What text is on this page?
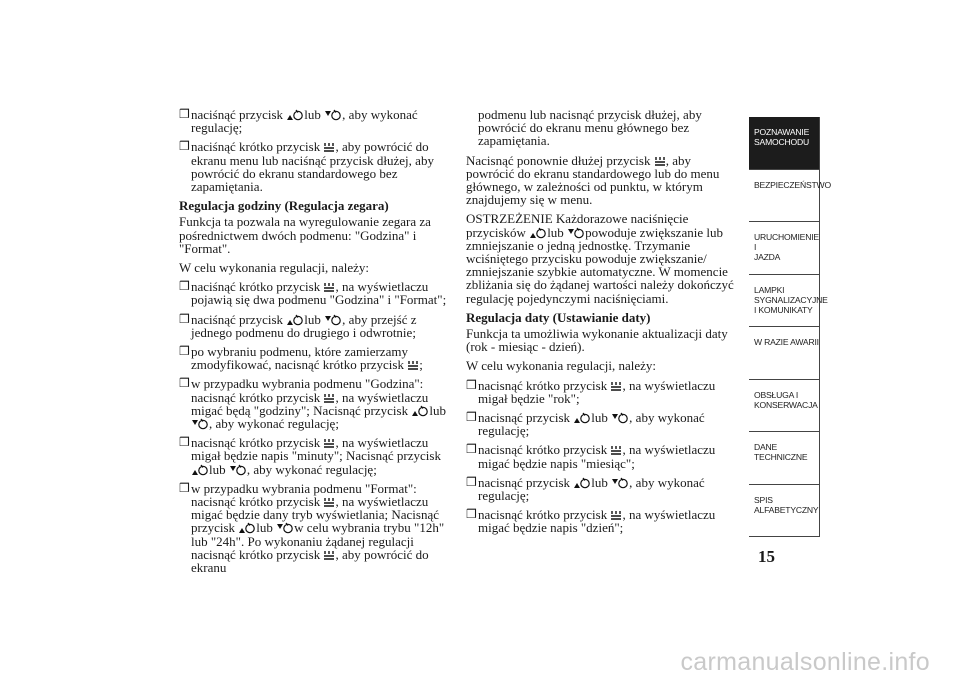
❒ naciśnąć przycisk lub , aby wykonać regulację;
❒ naciśnąć krótko przycisk , aby powrócić do ekranu menu lub naciśnąć przycisk dłużej, aby powrócić do ekranu standardowego bez zapamiętania.
Regulacja godziny (Regulacja zegara)

Funkcja ta pozwala na wyregulowanie zegara za pośrednictwem dwóch podmenu: "Godzina" i "Format".

W celu wykonania regulacji, należy:

❒ naciśnąć krótko przycisk , na wyświetlaczu pojawią się dwa podmenu "Godzina" i "Format";
❒ naciśnąć przycisk lub , aby przejść z jednego podmenu do drugiego i odwrotnie;
❒ po wybraniu podmenu, które zamierzamy zmodyfikować, nacisnąć krótko przycisk ;
❒ w przypadku wybrania podmenu "Godzina": nacisnąć krótko przycisk , na wyświetlaczu migać będą "godziny"; Nacisnąć przycisk lub
, aby wykonać regulację;
❒ nacisnąć krótko przycisk , na wyświetlaczu migał będzie napis "minuty"; Nacisnąć przycisk
lub , aby wykonać regulację;
❒ w przypadku wybrania podmenu "Format": nacisnąć krótko przycisk , na wyświetlaczu migać będzie dany tryb wyświetlania; Nacisnąć przycisk lub w celu wybrania trybu "12h" lub "24h". Po wykonaniu żądanej regulacji nacisnąć krótko przycisk , aby powrócić do ekranu

podmenu lub nacisnąć przycisk dłużej, aby powrócić do ekranu menu głównego bez zapamiętania.

Nacisnąć ponownie dłużej przycisk , aby powrócić do ekranu standardowego lub do menu głównego, w zależności od punktu, w którym znajdujemy się w menu.

OSTRZEŻENIE Każdorazowe naciśnięcie przycisków lub powoduje zwiększanie lub zmniejszanie o jedną jednostkę. Trzymanie wciśniętego przycisku powoduje zwiększanie/ zmniejszanie szybkie automatyczne. W momencie zbliżania się do żądanej wartości należy dokończyć regulację pojedynczymi naciśnięciami.

Regulacja daty (Ustawianie daty)

Funkcja ta umożliwia wykonanie aktualizacji daty (rok - miesiąc - dzień).

W celu wykonania regulacji, należy:

❒ nacisnąć krótko przycisk , na wyświetlaczu migał będzie "rok";
❒ nacisnąć przycisk lub , aby wykonać regulację;
❒ nacisnąć krótko przycisk , na wyświetlaczu migać będzie napis "miesiąc";
❒ nacisnąć przycisk lub , aby wykonać regulację;
❒ nacisnąć krótko przycisk , na wyświetlaczu migać będzie napis "dzień";
POZNAWANIE
SAMOCHODU
BEZPIECZEŃSTWO
URUCHOMIENIE I
JAZDA
LAMPKI
SYGNALIZACYJNE
I KOMUNIKATY
W RAZIE AWARII
OBSŁUGA I
KONSERWACJA
DANE
TECHNICZNE
SPIS
ALFABETYCZNY
15
carmanualsonline.info
